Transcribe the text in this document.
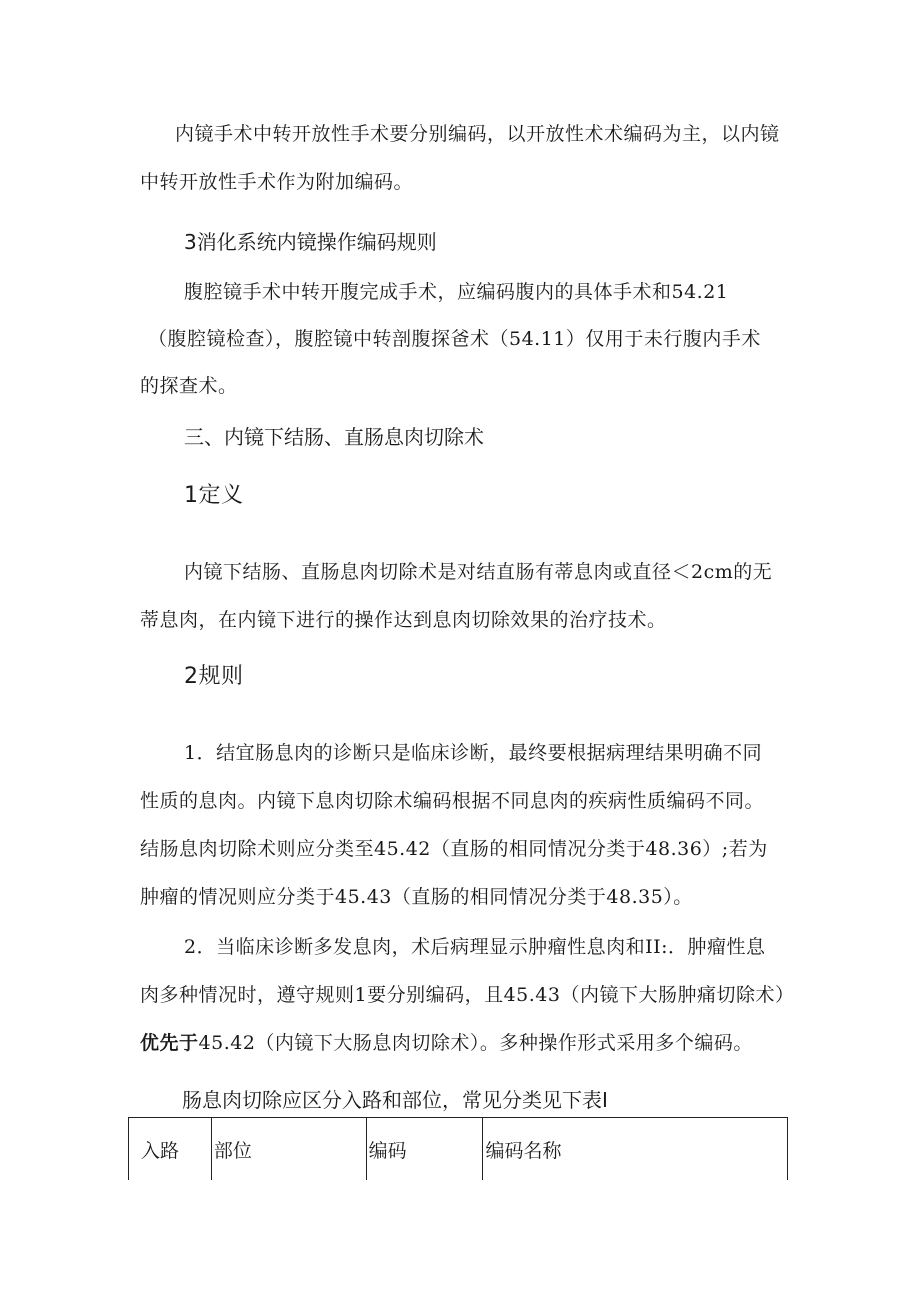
内镜手术中转开放性手术要分别编码，以开放性术术编码为主，以内镜
中转开放性手术作为附加编码。
3消化系统内镜操作编码规则
腹腔镜手术中转开腹完成手术，应编码腹内的具体手术和54.21
（腹腔镜检查），腹腔镜中转剖腹探爸术（54.11）仅用于未行腹内手术
的探查术。
三、内镜下结肠、直肠息肉切除术
1定义
内镜下结肠、直肠息肉切除术是对结直肠有蒂息肉或直径＜2cm的无
蒂息肉，在内镜下进行的操作达到息肉切除效果的治疗技术。
2规则
1．结宜肠息肉的诊断只是临床诊断，最终要根据病理结果明确不同
性质的息肉。内镜下息肉切除术编码根据不同息肉的疾病性质编码不同。
结肠息肉切除术则应分类至45.42（直肠的相同情况分类于48.36）;若为
肿瘤的情况则应分类于45.43（直肠的相同情况分类于48.35）。
2．当临床诊断多发息肉，术后病理显示肿瘤性息肉和II:．肿瘤性息
肉多种情况时，遵守规则1要分别编码，且45.43（内镜下大肠肿痛切除术）
优先于45.42（内镜下大肠息肉切除术）。多种操作形式采用多个编码。
肠息肉切除应区分入路和部位，常见分类见下表I
入路	部位	编码	编码名称
